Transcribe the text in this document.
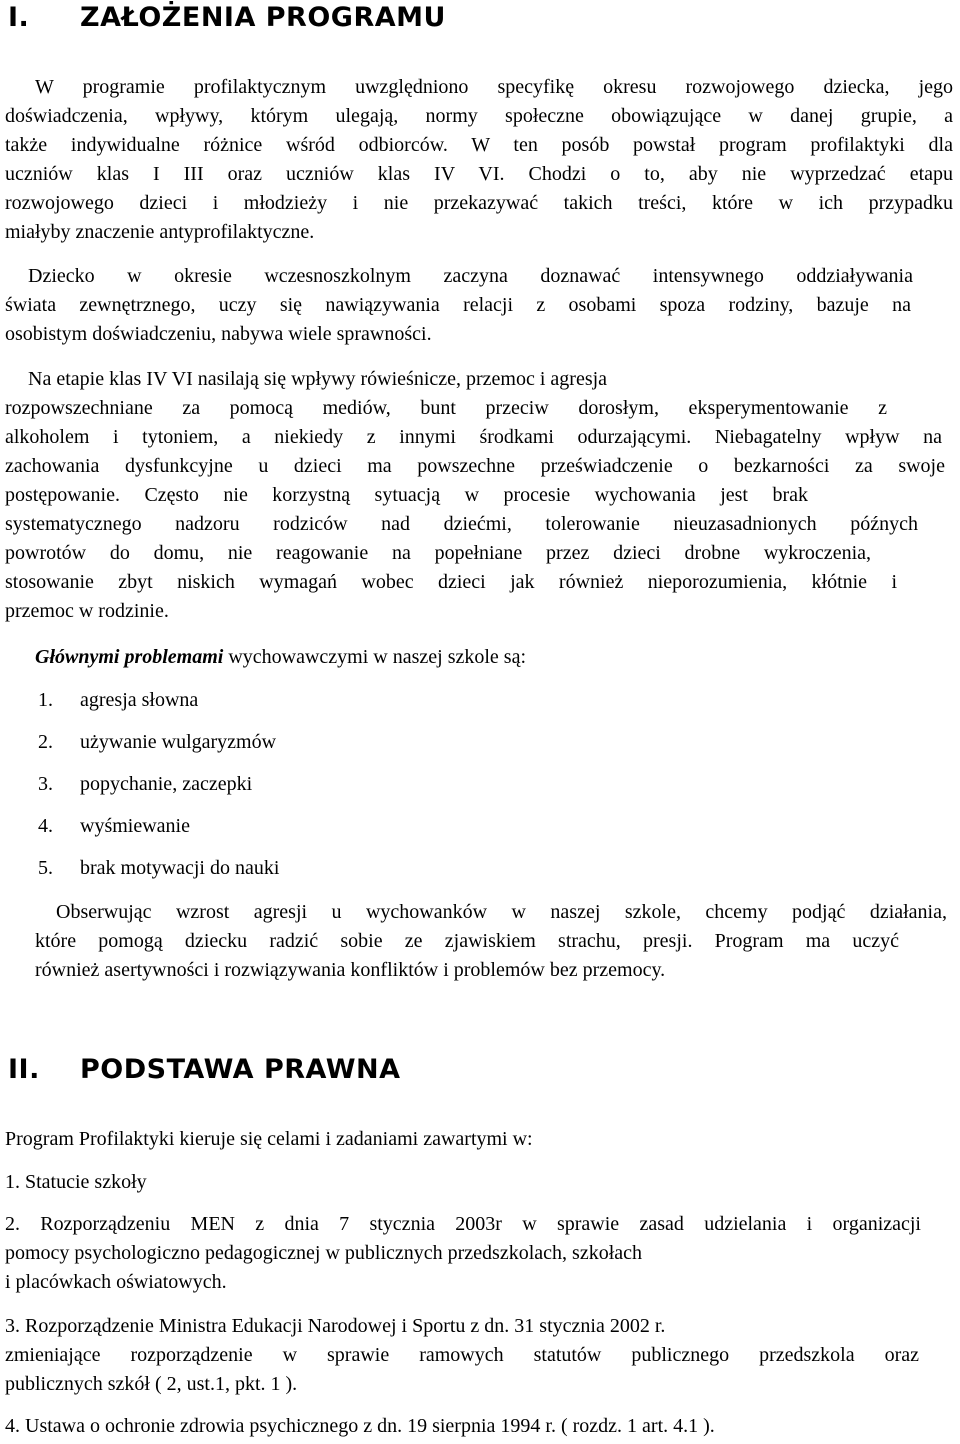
I. ZAŁOŻENIA PROGRAMU
W programie profilaktycznym uwzględniono specyfikę okresu rozwojowego dziecka, jego
doświadczenia, wpływy, którym ulegają, normy społeczne obowiązujące w danej grupie, a
także indywidualne różnice wśród odbiorców. W ten posób powstał program profilaktyki dla
uczniów klas I III oraz uczniów klas IV VI. Chodzi o to, aby nie wyprzedzać etapu
rozwojowego dzieci i młodzieży i nie przekazywać takich treści, które w ich przypadku
miałyby znaczenie antyprofilaktyczne.
Dziecko w okresie wczesnoszkolnym zaczyna doznawać intensywnego oddziaływania
świata zewnętrznego, uczy się nawiązywania relacji z osobami spoza rodziny, bazuje na
osobistym doświadczeniu, nabywa wiele sprawności.
Na etapie klas IV VI nasilają się wpływy rówieśnicze, przemoc i agresja
rozpowszechniane za pomocą mediów, bunt przeciw dorosłym, eksperymentowanie z
alkoholem i tytoniem, a niekiedy z innymi środkami odurzającymi. Niebagatelny wpływ na
zachowania dysfunkcyjne u dzieci ma powszechne przeświadczenie o bezkarności za swoje
postępowanie. Często nie korzystną sytuacją w procesie wychowania jest brak
systematycznego nadzoru rodziców nad dziećmi, tolerowanie nieuzasadnionych późnych
powrotów do domu, nie reagowanie na popełniane przez dzieci drobne wykroczenia,
stosowanie zbyt niskich wymagań wobec dzieci jak również nieporozumienia, kłótnie i
przemoc w rodzinie.
Głównymi problemami wychowawczymi w naszej szkole są:
1. agresja słowna
2. używanie wulgaryzmów
3. popychanie, zaczepki
4. wyśmiewanie
5. brak motywacji do nauki
Obserwując wzrost agresji u wychowanków w naszej szkole, chcemy podjąć działania,
które pomogą dziecku radzić sobie ze zjawiskiem strachu, presji. Program ma uczyć
również asertywności i rozwiązywania konfliktów i problemów bez przemocy.
II. PODSTAWA PRAWNA
Program Profilaktyki kieruje się celami i zadaniami zawartymi w:
1. Statucie szkoły
2. Rozporządzeniu MEN z dnia 7 stycznia 2003r w sprawie zasad udzielania i organizacji
pomocy psychologiczno pedagogicznej w publicznych przedszkolach, szkołach
i placówkach oświatowych.
3. Rozporządzenie Ministra Edukacji Narodowej i Sportu z dn. 31 stycznia 2002 r.
zmieniające rozporządzenie w sprawie ramowych statutów publicznego przedszkola oraz
publicznych szkół ( 2, ust.1, pkt. 1 ).
4. Ustawa o ochronie zdrowia psychicznego z dn. 19 sierpnia 1994 r. ( rozdz. 1 art. 4.1 ).
